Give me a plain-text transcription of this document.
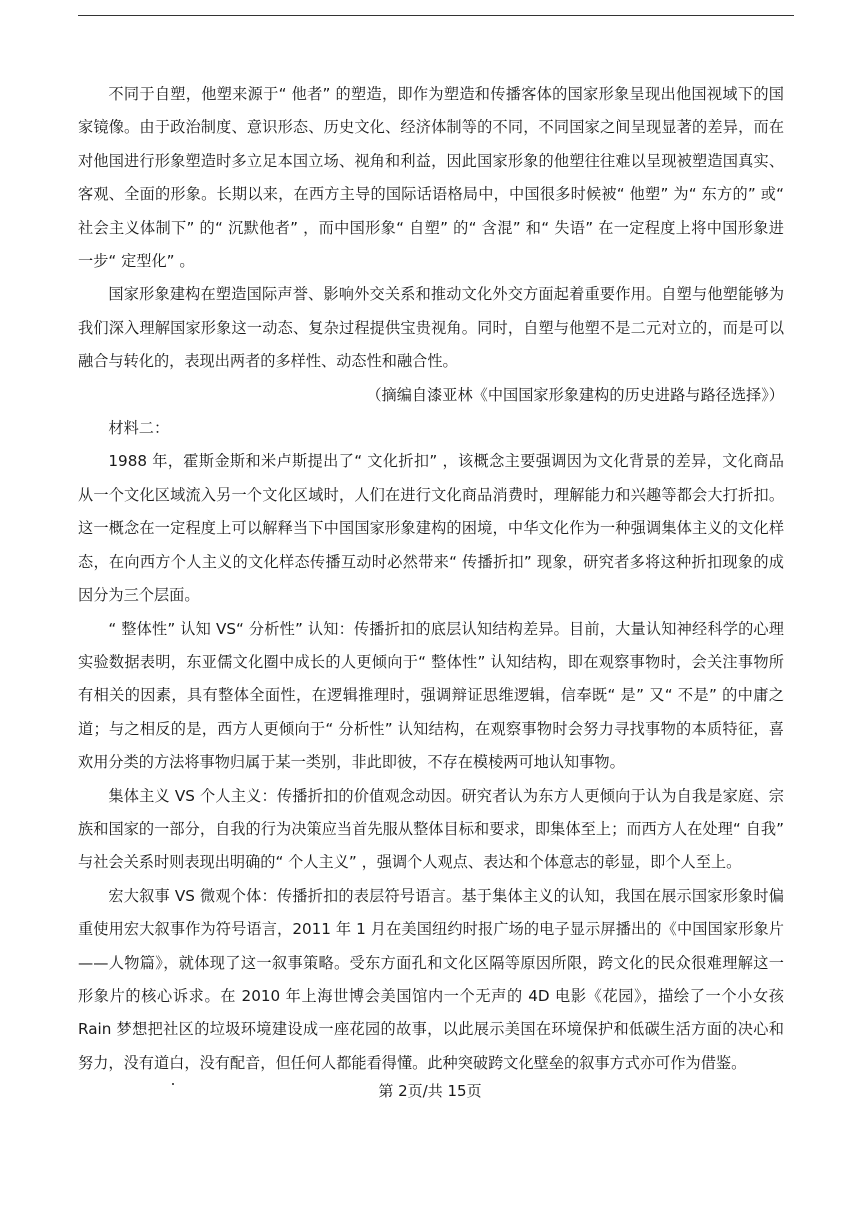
不同于自塑，他塑来源于“ 他者” 的塑造，即作为塑造和传播客体的国家形象呈现出他国视域下的国家镜像。由于政治制度、意识形态、历史文化、经济体制等的不同，不同国家之间呈现显著的差异，而在对他国进行形象塑造时多立足本国立场、视角和利益，因此国家形象的他塑往往难以呈现被塑造国真实、客观、全面的形象。长期以来，在西方主导的国际话语格局中，中国很多时候被“ 他塑” 为“ 东方的” 或“ 社会主义体制下” 的“ 沉默他者” ，而中国形象“ 自塑” 的“ 含混” 和“ 失语” 在一定程度上将中国形象进一步“ 定型化” 。

国家形象建构在塑造国际声誉、影响外交关系和推动文化外交方面起着重要作用。自塑与他塑能够为我们深入理解国家形象这一动态、复杂过程提供宝贵视角。同时，自塑与他塑不是二元对立的，而是可以融合与转化的，表现出两者的多样性、动态性和融合性。

（摘编自漆亚林《中国国家形象建构的历史进路与路径选择》）

材料二：

1988 年，霍斯金斯和米卢斯提出了“ 文化折扣” ，该概念主要强调因为文化背景的差异，文化商品从一个文化区域流入另一个文化区域时，人们在进行文化商品消费时，理解能力和兴趣等都会大打折扣。这一概念在一定程度上可以解释当下中国国家形象建构的困境，中华文化作为一种强调集体主义的文化样态，在向西方个人主义的文化样态传播互动时必然带来“ 传播折扣” 现象，研究者多将这种折扣现象的成因分为三个层面。

“ 整体性” 认知 VS“ 分析性” 认知：传播折扣的底层认知结构差异。目前，大量认知神经科学的心理实验数据表明，东亚儒文化圈中成长的人更倾向于“ 整体性” 认知结构，即在观察事物时，会关注事物所有相关的因素，具有整体全面性，在逻辑推理时，强调辩证思维逻辑，信奉既“ 是” 又“ 不是” 的中庸之道；与之相反的是，西方人更倾向于“ 分析性” 认知结构，在观察事物时会努力寻找事物的本质特征，喜欢用分类的方法将事物归属于某一类别，非此即彼，不存在模棱两可地认知事物。

集体主义 VS 个人主义：传播折扣的价值观念动因。研究者认为东方人更倾向于认为自我是家庭、宗族和国家的一部分，自我的行为决策应当首先服从整体目标和要求，即集体至上；而西方人在处理“ 自我” 与社会关系时则表现出明确的“ 个人主义” ，强调个人观点、表达和个体意志的彰显，即个人至上。

宏大叙事 VS 微观个体：传播折扣的表层符号语言。基于集体主义的认知，我国在展示国家形象时偏重使用宏大叙事作为符号语言，2011 年 1 月在美国纽约时报广场的电子显示屏播出的《中国国家形象片——人物篇》，就体现了这一叙事策略。受东方面孔和文化区隔等原因所限，跨文化的民众很难理解这一形象片的核心诉求。在 2010 年上海世博会美国馆内一个无声的 4D 电影《花园》，描绘了一个小女孩 Rain 梦想把社区的垃圾环境建设成一座花园的故事，以此展示美国在环境保护和低碳生活方面的决心和努力，没有道白，没有配音，但任何人都能看得懂。此种突破跨文化壁垒的叙事方式亦可作为借鉴。

第 2页/共 15页
